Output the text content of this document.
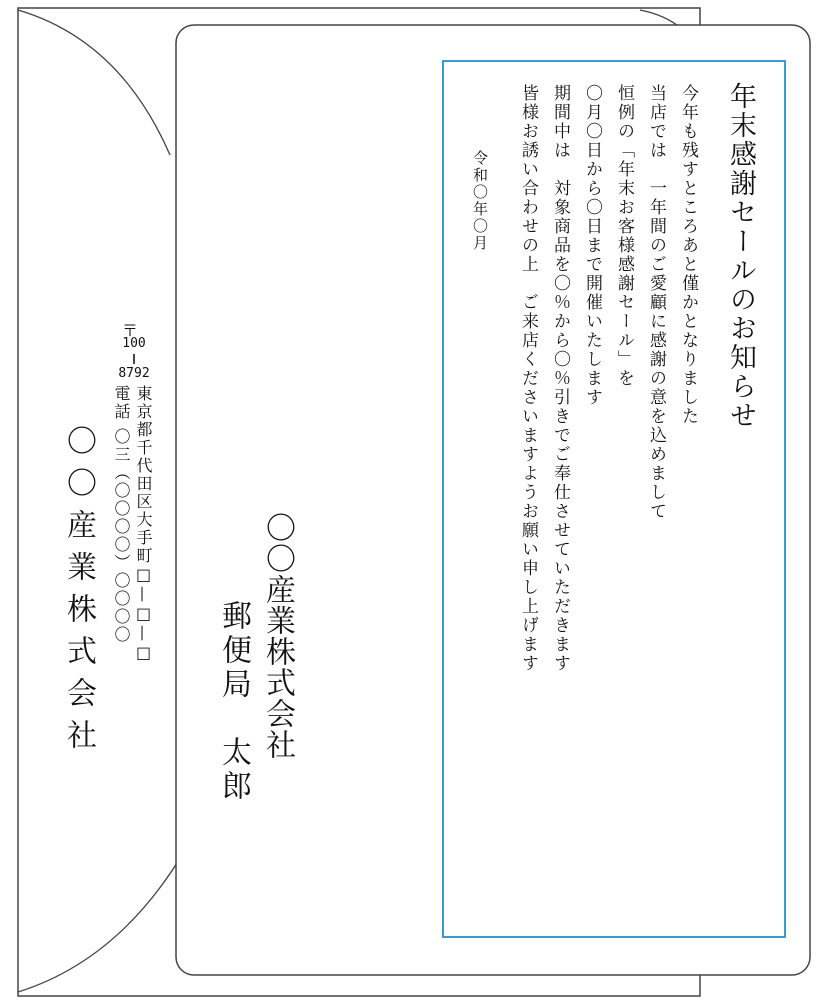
〒
100
8792
東京都千代田区大手町□—□—□
電話 〇三（〇〇〇〇）〇〇〇〇
〇〇産業株式会社	〇〇産業株式会社
郵便局　太郎
年末感謝セールのお知らせ
今年も残すところあと僅かとなりました
当店では　一年間のご愛顧に感謝の意を込めまして
恒例の「年末お客様感謝セール」を
〇月〇日から〇日まで開催いたします
期間中は　対象商品を〇％から〇％引きでご奉仕させていただきます
皆様お誘い合わせの上　ご来店くださいますようお願い申し上げます
令和〇年〇月
